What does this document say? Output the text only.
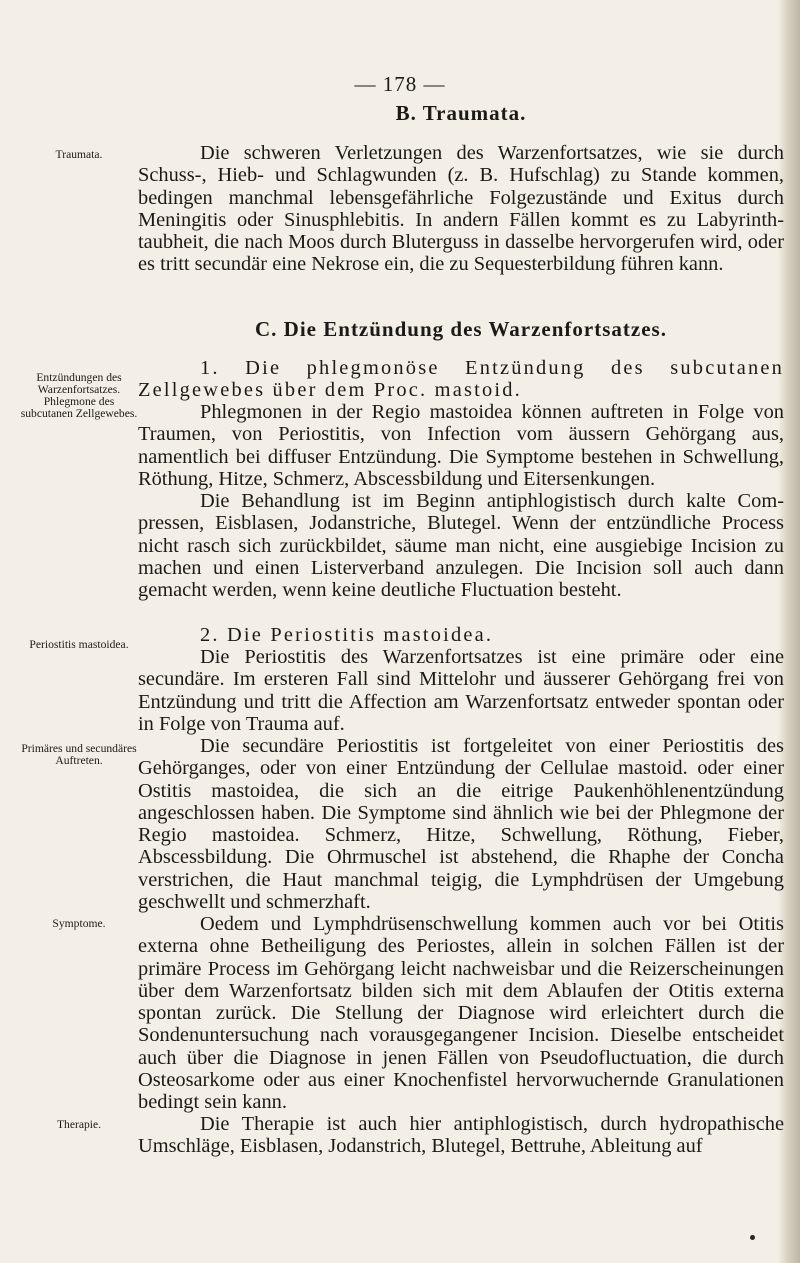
— 178 —
B. Traumata.
Traumata.	Die schweren Verletzungen des Warzenfortsatzes, wie sie durch Schuss-, Hieb- und Schlagwunden (z. B. Hufschlag) zu Stande kommen, bedingen manchmal lebensgefährliche Folgezustände und Exitus durch Meningitis oder Sinusphlebitis. In andern Fällen kommt es zu Labyrinthtaubheit, die nach Moos durch Bluterguss in dasselbe hervorgerufen wird, oder es tritt secundär eine Nekrose ein, die zu Sequesterbildung führen kann.

C. Die Entzündung des Warzenfortsatzes.
Entzündungen des Warzenfortsatzes. Phlegmone des subcutanen Zellgewebes.

1. Die phlegmonöse Entzündung des subcutanen Zellgewebes über dem Proc. mastoid.

Phlegmonen in der Regio mastoidea können auftreten in Folge von Traumen, von Periostitis, von Infection vom äussern Gehörgang aus, namentlich bei diffuser Entzündung. Die Symptome bestehen in Schwellung, Röthung, Hitze, Schmerz, Abscessbildung und Eitersenkungen.

Die Behandlung ist im Beginn antiphlogistisch durch kalte Compressen, Eisblasen, Jodanstriche, Blutegel. Wenn der entzündliche Process nicht rasch sich zurückbildet, säume man nicht, eine ausgiebige Incision zu machen und einen Listerverband anzulegen. Die Incision soll auch dann gemacht werden, wenn keine deutliche Fluctuation besteht.

Periostitis mastoidea.	2. Die Periostitis mastoidea.

Die Periostitis des Warzenfortsatzes ist eine primäre oder eine secundäre. Im ersteren Fall sind Mittelohr und äusserer Gehörgang frei von Entzündung und tritt die Affection am Warzenfortsatz entweder spontan oder in Folge von Trauma auf.

Primäres und secundäres Auftreten.

Die secundäre Periostitis ist fortgeleitet von einer Periostitis des Gehörganges, oder von einer Entzündung der Cellulae mastoid. oder einer Ostitis mastoidea, die sich an die eitrige Paukenhöhlenentzündung angeschlossen haben. Die Symptome sind ähnlich wie bei der Phlegmone der Regio mastoidea. Schmerz, Hitze, Schwellung, Röthung, Fieber, Abscessbildung. Die Ohrmuschel ist abstehend, die Rhaphe der Concha verstrichen, die Haut manchmal teigig, die Lymphdrüsen der Umgebung geschwellt und schmerzhaft.

Symptome.	Oedem und Lymphdrüsenschwellung kommen auch vor bei Otitis externa ohne Betheiligung des Periostes, allein in solchen Fällen ist der primäre Process im Gehörgang leicht nachweisbar und die Reizerscheinungen über dem Warzenfortsatz bilden sich mit dem Ablaufen der Otitis externa spontan zurück. Die Stellung der Diagnose wird erleichtert durch die Sondenuntersuchung nach vorausgegangener Incision. Dieselbe entscheidet auch über die Diagnose in jenen Fällen von Pseudofluctuation, die durch Osteosarkome oder aus einer Knochenfistel hervorwuchernde Granulationen bedingt sein kann.

Therapie.	Die Therapie ist auch hier antiphlogistisch, durch hydropathische Umschläge, Eisblasen, Jodanstrich, Blutegel, Bettruhe, Ableitung auf
